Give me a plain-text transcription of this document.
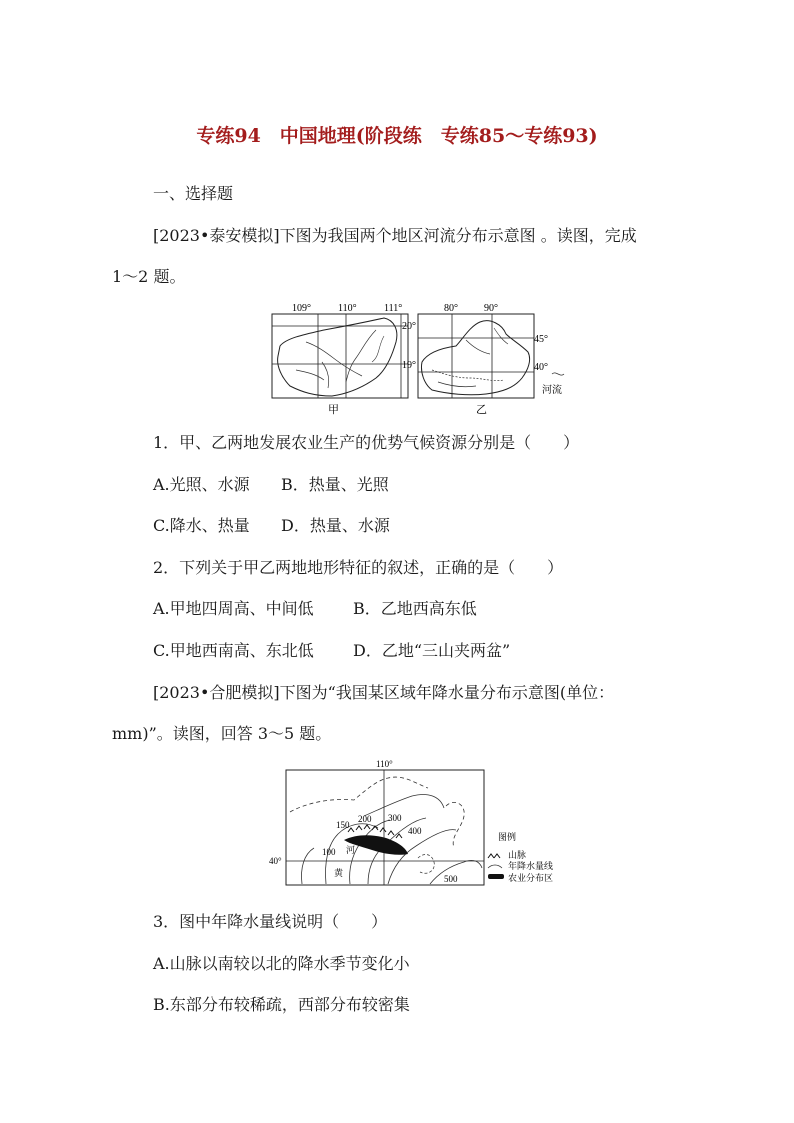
专练94　中国地理(阶段练　专练85～专练93)
一、选择题
[2023•泰安模拟]下图为我国两个地区河流分布示意图 。读图，完成
1～2 题。
109°	110°	111°
20°
19°
甲
80°	90°
45°
40°
河流
乙
1．甲、乙两地发展农业生产的优势气候资源分别是（　　）
A.光照、水源 B．热量、光照
C.降水、热量 D．热量、水源
2．下列关于甲乙两地地形特征的叙述，正确的是（　　）
A.甲地四周高、中间低 B．乙地西高东低
C.甲地西南高、东北低 D．乙地“三山夹两盆”
[2023•合肥模拟]下图为“我国某区域年降水量分布示意图(单位：
mm)”。读图，回答 3～5 题。
110°
40°
150
200 300
400
100
500
河
黄
图例
山脉
年降水量线
农业分布区
3．图中年降水量线说明（　　）
A.山脉以南较以北的降水季节变化小
B.东部分布较稀疏，西部分布较密集
